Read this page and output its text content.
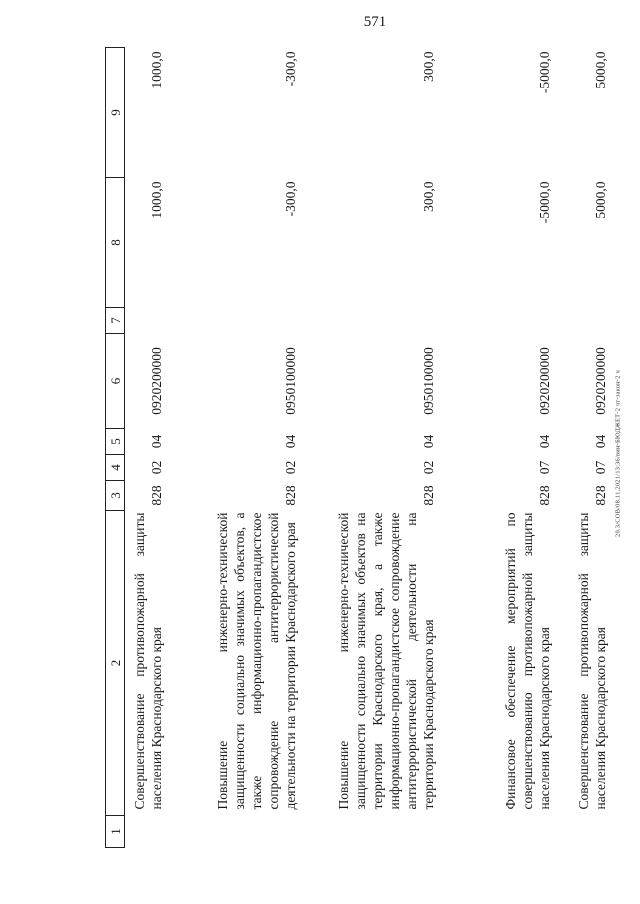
571
20.3/СОВ/08.11.2021/13:36/вии-БЮДЖЕТ-2 чт-закон-2 ч
1	2	3	4	5	6	7	8	9
	Совершенствование противопожарной защиты населения Краснодарского края	828	02	04	0920200000		1000,0	1000,0

	Повышение инженерно-технической защищенности социально значимых объектов, а также информационно-пропагандистское сопровождение антитеррористической деятельности на территории Краснодарского края	828	02	04	0950100000		-300,0	-300,0

	Повышение инженерно-технической защищенности социально значимых объектов на территории Краснодарского края, а также информационно-пропагандистское сопровождение антитеррористической деятельности на территории Краснодарского края	828	02	04	0950100000		300,0	300,0

	Финансовое обеспечение мероприятий по совершенствованию противопожарной защиты населения Краснодарского края	828	07	04	0920200000		-5000,0	-5000,0

	Совершенствование противопожарной защиты населения Краснодарского края	828	07	04	0920200000		5000,0	5000,0
